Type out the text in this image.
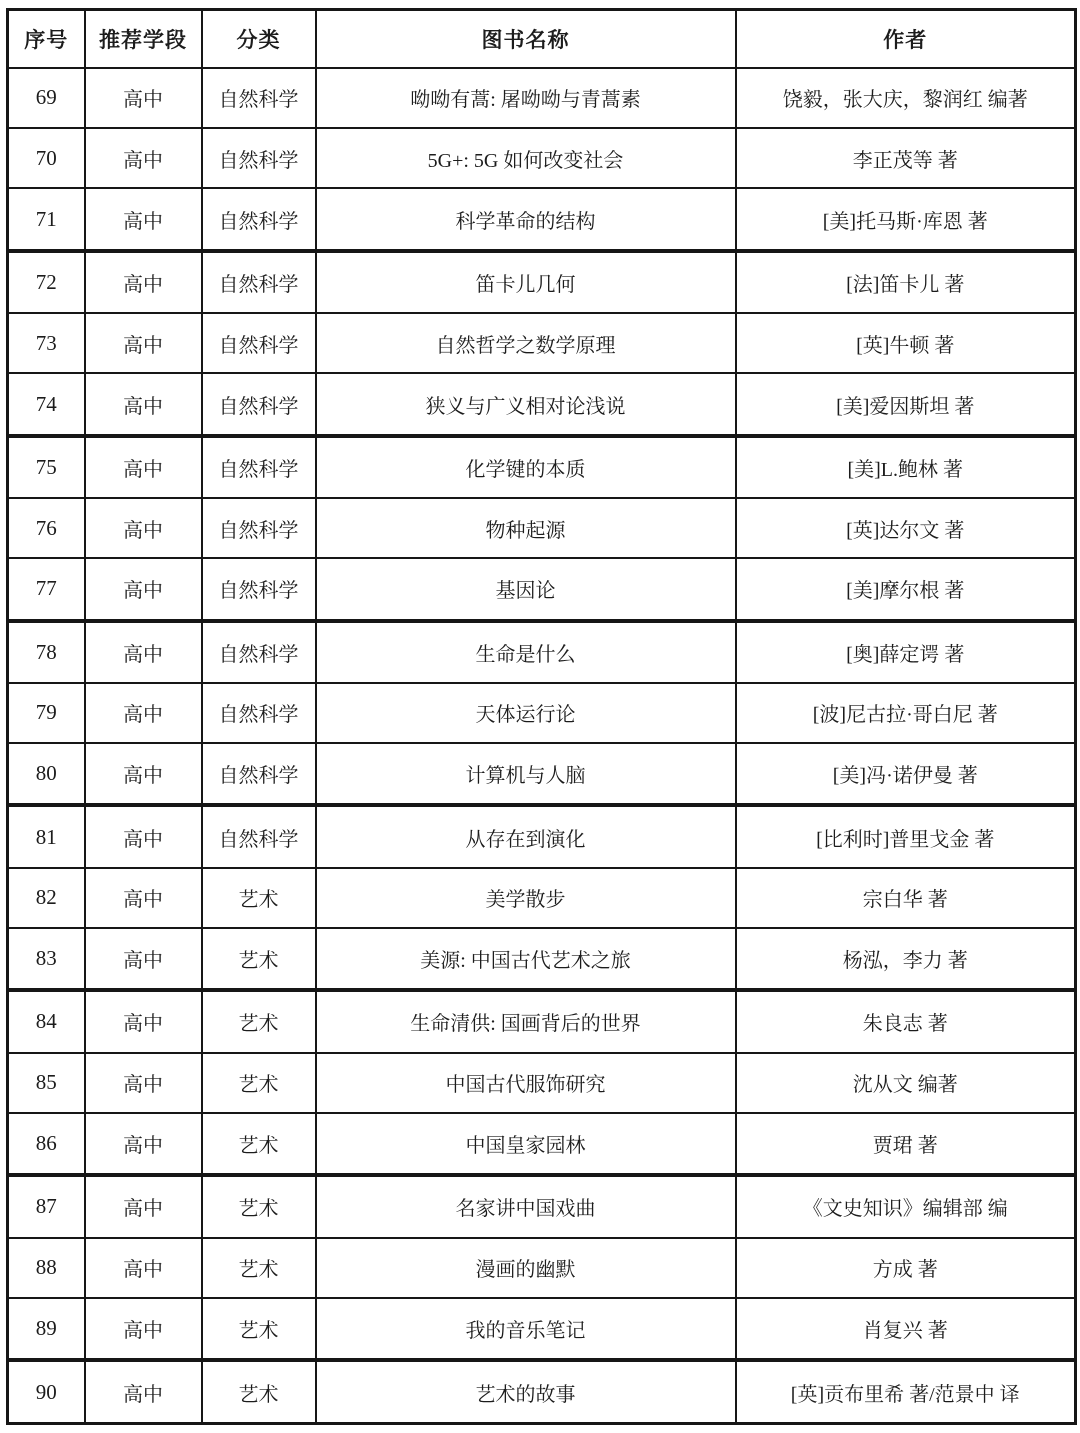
序号	推荐学段	分类	图书名称	作者
69	高中	自然科学	呦呦有蒿: 屠呦呦与青蒿素	饶毅，张大庆，黎润红 编著
70	高中	自然科学	5G+: 5G 如何改变社会	李正茂等 著
71	高中	自然科学	科学革命的结构	[美]托马斯·库恩 著
72	高中	自然科学	笛卡儿几何	[法]笛卡儿 著
73	高中	自然科学	自然哲学之数学原理	[英]牛顿 著
74	高中	自然科学	狭义与广义相对论浅说	[美]爱因斯坦 著
75	高中	自然科学	化学键的本质	[美]L.鲍林 著
76	高中	自然科学	物种起源	[英]达尔文 著
77	高中	自然科学	基因论	[美]摩尔根 著
78	高中	自然科学	生命是什么	[奥]薛定谔 著
79	高中	自然科学	天体运行论	[波]尼古拉·哥白尼 著
80	高中	自然科学	计算机与人脑	[美]冯·诺伊曼 著
81	高中	自然科学	从存在到演化	[比利时]普里戈金 著
82	高中	艺术	美学散步	宗白华 著
83	高中	艺术	美源: 中国古代艺术之旅	杨泓，李力 著
84	高中	艺术	生命清供: 国画背后的世界	朱良志 著
85	高中	艺术	中国古代服饰研究	沈从文 编著
86	高中	艺术	中国皇家园林	贾珺 著
87	高中	艺术	名家讲中国戏曲	《文史知识》编辑部 编
88	高中	艺术	漫画的幽默	方成 著
89	高中	艺术	我的音乐笔记	肖复兴 著
90	高中	艺术	艺术的故事	[英]贡布里希 著/范景中 译
